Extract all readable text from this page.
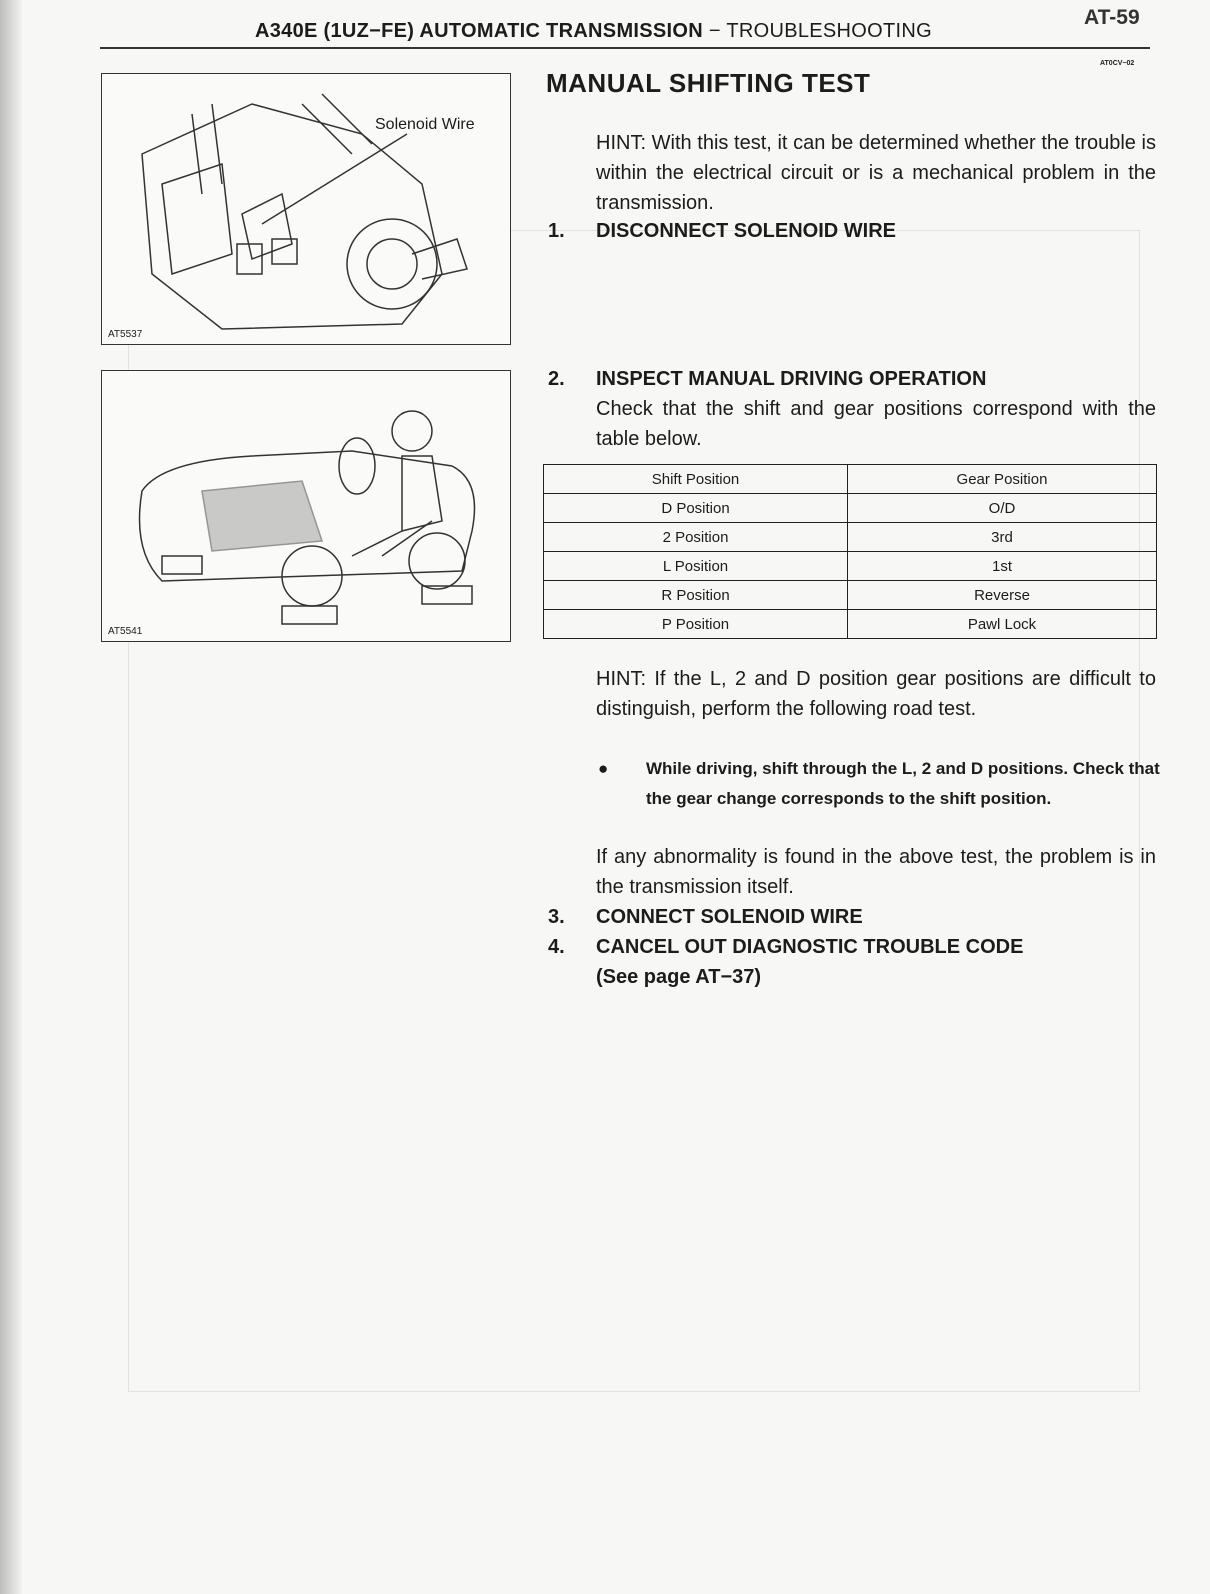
A340E (1UZ−FE) AUTOMATIC TRANSMISSION − TROUBLESHOOTING
AT-59
AT0CV−02
Solenoid Wire
AT5537
AT5541
MANUAL SHIFTING TEST
HINT: With this test, it can be determined whether the trouble is within the electrical circuit or is a mechanical problem in the transmission.
1. DISCONNECT SOLENOID WIRE
2. INSPECT MANUAL DRIVING OPERATION
Check that the shift and gear positions correspond with the table below.
Shift Position	Gear Position
D Position	O/D
2 Position	3rd
L Position	1st
R Position	Reverse
P Position	Pawl Lock
HINT: If the L, 2 and D position gear positions are difficult to distinguish, perform the following road test.
● While driving, shift through the L, 2 and D positions. Check that the gear change corresponds to the shift position.
If any abnormality is found in the above test, the problem is in the transmission itself.
3. CONNECT SOLENOID WIRE
4. CANCEL OUT DIAGNOSTIC TROUBLE CODE
(See page AT−37)
